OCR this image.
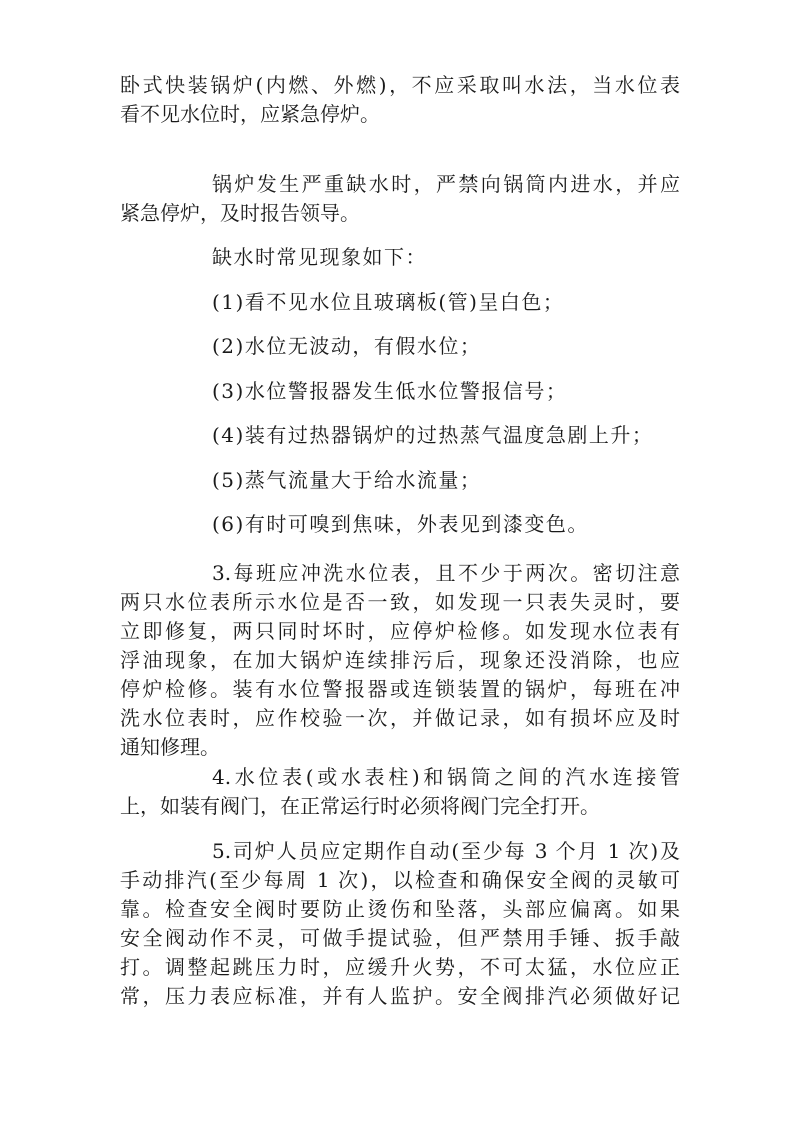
卧式快装锅炉(内燃、外燃)，不应采取叫水法，当水位表
看不见水位时，应紧急停炉。
锅炉发生严重缺水时，严禁向锅筒内进水，并应
紧急停炉，及时报告领导。
缺水时常见现象如下：
(1)看不见水位且玻璃板(管)呈白色；
(2)水位无波动，有假水位；
(3)水位警报器发生低水位警报信号；
(4)装有过热器锅炉的过热蒸气温度急剧上升；
(5)蒸气流量大于给水流量；
(6)有时可嗅到焦味，外表见到漆变色。
3.每班应冲洗水位表，且不少于两次。密切注意
两只水位表所示水位是否一致，如发现一只表失灵时，要
立即修复，两只同时坏时，应停炉检修。如发现水位表有
浮油现象，在加大锅炉连续排污后，现象还没消除，也应
停炉检修。装有水位警报器或连锁装置的锅炉，每班在冲
洗水位表时，应作校验一次，并做记录，如有损坏应及时
通知修理。
4.水位表(或水表柱)和锅筒之间的汽水连接管
上，如装有阀门，在正常运行时必须将阀门完全打开。
5.司炉人员应定期作自动(至少每 3 个月 1 次)及
手动排汽(至少每周 1 次)，以检查和确保安全阀的灵敏可
靠。检查安全阀时要防止烫伤和坠落，头部应偏离。如果
安全阀动作不灵，可做手提试验，但严禁用手锤、扳手敲
打。调整起跳压力时，应缓升火势，不可太猛，水位应正
常，压力表应标准，并有人监护。安全阀排汽必须做好记
